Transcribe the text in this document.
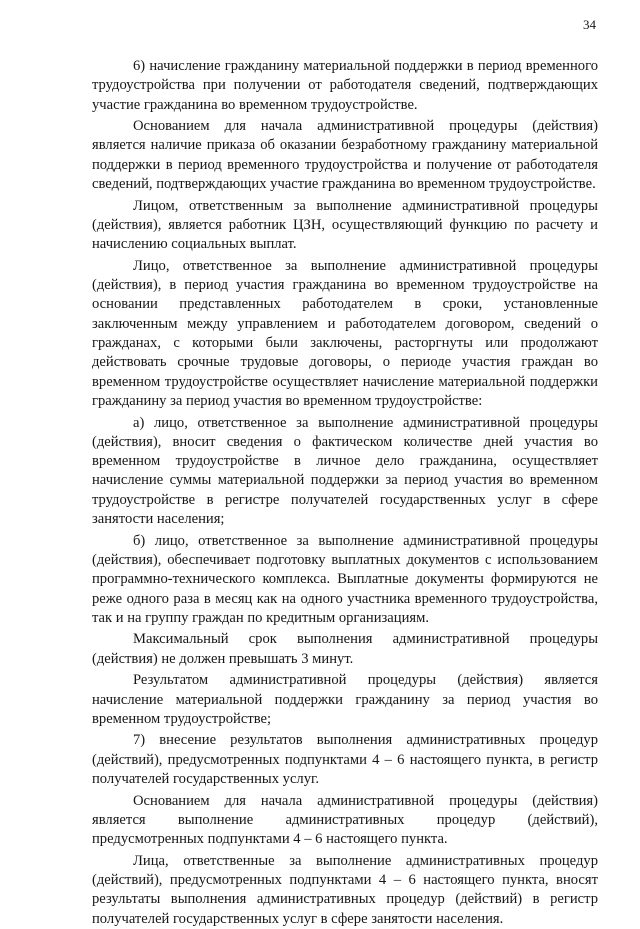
34

6) начисление гражданину материальной поддержки в период временного трудоустройства при получении от работодателя сведений, подтверждающих участие гражданина во временном трудоустройстве.

Основанием для начала административной процедуры (действия) является наличие приказа об оказании безработному гражданину материальной поддержки в период временного трудоустройства и получение от работодателя сведений, подтверждающих участие гражданина во временном трудоустройстве.

Лицом, ответственным за выполнение административной процедуры (действия), является работник ЦЗН, осуществляющий функцию по расчету и начислению социальных выплат.

Лицо, ответственное за выполнение административной процедуры (действия), в период участия гражданина во временном трудоустройстве на основании представленных работодателем в сроки, установленные заключенным между управлением и работодателем договором, сведений о гражданах, с которыми были заключены, расторгнуты или продолжают действовать срочные трудовые договоры, о периоде участия граждан во временном трудоустройстве осуществляет начисление материальной поддержки гражданину за период участия во временном трудоустройстве:

а) лицо, ответственное за выполнение административной процедуры (действия), вносит сведения о фактическом количестве дней участия во временном трудоустройстве в личное дело гражданина, осуществляет начисление суммы материальной поддержки за период участия во временном трудоустройстве в регистре получателей государственных услуг в сфере занятости населения;

б) лицо, ответственное за выполнение административной процедуры (действия), обеспечивает подготовку выплатных документов с использованием программно-технического комплекса. Выплатные документы формируются не реже одного раза в месяц как на одного участника временного трудоустройства, так и на группу граждан по кредитным организациям.

Максимальный срок выполнения административной процедуры (действия) не должен превышать 3 минут.

Результатом административной процедуры (действия) является начисление материальной поддержки гражданину за период участия во временном трудоустройстве;

7) внесение результатов выполнения административных процедур (действий), предусмотренных подпунктами 4 – 6 настоящего пункта, в регистр получателей государственных услуг.

Основанием для начала административной процедуры (действия) является выполнение административных процедур (действий), предусмотренных подпунктами 4 – 6 настоящего пункта.

Лица, ответственные за выполнение административных процедур (действий), предусмотренных подпунктами 4 – 6 настоящего пункта, вносят результаты выполнения административных процедур (действий) в регистр получателей государственных услуг в сфере занятости населения.
